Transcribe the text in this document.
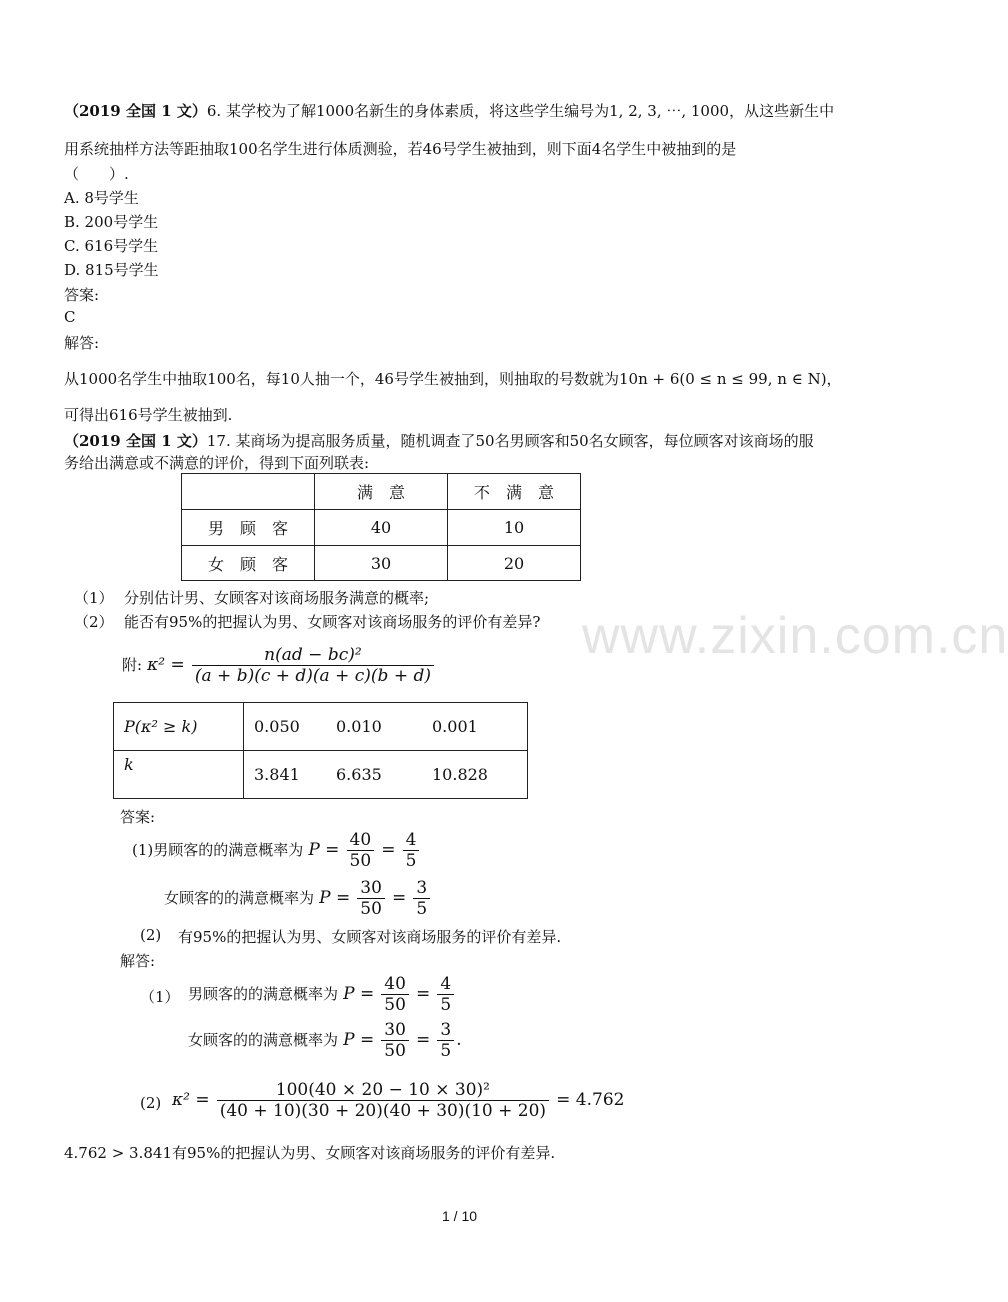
www.zixin.com.cn
（2019 全国 1 文）6. 某学校为了解1000名新生的身体素质，将这些学生编号为1, 2, 3, ⋯, 1000，从这些新生中
用系统抽样方法等距抽取100名学生进行体质测验，若46号学生被抽到，则下面4名学生中被抽到的是
（　　）.
A. 8号学生
B. 200号学生
C. 616号学生
D. 815号学生
答案:
C
解答:
从1000名学生中抽取100名，每10人抽一个，46号学生被抽到，则抽取的号数就为10n + 6(0 ≤ n ≤ 99, n ∈ N)，
可得出616号学生被抽到.
（2019 全国 1 文）17. 某商场为提高服务质量，随机调查了50名男顾客和50名女顾客，每位顾客对该商场的服
务给出满意或不满意的评价，得到下面列联表:
	满　意	不　满　意
男　顾　客	40	10
女　顾　客	30	20
（1） 分别估计男、女顾客对该商场服务满意的概率;
（2） 能否有95%的把握认为男、女顾客对该商场服务的评价有差异?
附: $\kappa^2 = \frac{\text{n(ad − bc)²}}{(a + b)(c + d)(a + c)(b + d)}$
P(κ² ≥ k)	0.050 0.010 0.001
k	3.841 6.635 10.828
答案:
(1)男顾客的的满意概率为 $P = \frac{40}{50} = \frac{4}{5}$
女顾客的的满意概率为 $P = \frac{30}{50} = \frac{3}{5}$
(2) 有95%的把握认为男、女顾客对该商场服务的评价有差异.
解答:
（1） 男顾客的的满意概率为 $P = \frac{40}{50} = \frac{4}{5}$
女顾客的的满意概率为 $P = \frac{30}{50} = \frac{3}{5}$ .
(2) $\kappa^2 = \frac{\text{100(40 × 20 − 10 × 30)²}}{(40 + 10)(30 + 20)(40 + 30)(10 + 20)} = 4.762$
4.762 > 3.841有95%的把握认为男、女顾客对该商场服务的评价有差异.
1 / 10
